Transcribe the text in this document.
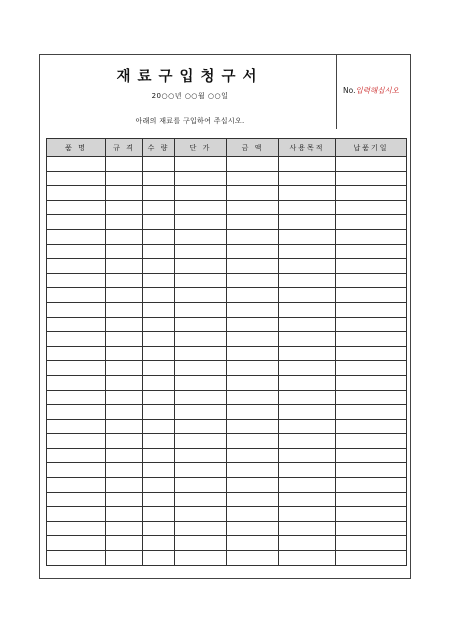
재료구입청구서
20○○년 ○○월 ○○일
아래의 재료를 구입하여 주십시오.
No.입력해십시오
품 명	규 격	수 량	단 가	금 액	사용목적	납품기일
